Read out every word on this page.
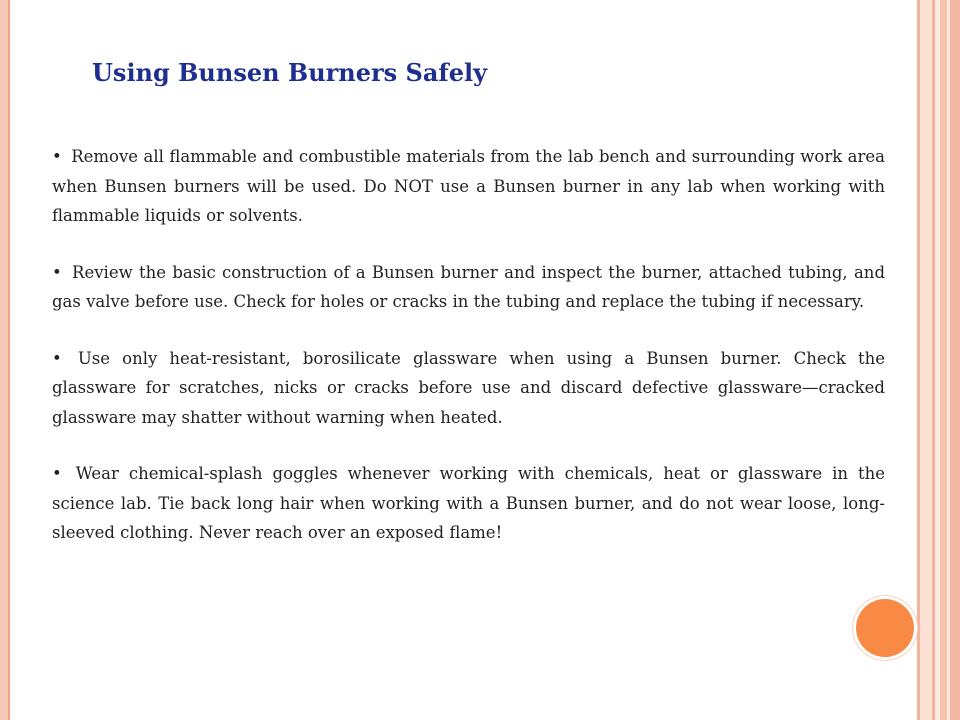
Using Bunsen Burners Safely

• Remove all flammable and combustible materials from the lab bench and surrounding work area when Bunsen burners will be used. Do NOT use a Bunsen burner in any lab when working with flammable liquids or solvents.

• Review the basic construction of a Bunsen burner and inspect the burner, attached tubing, and gas valve before use. Check for holes or cracks in the tubing and replace the tubing if necessary.

• Use only heat-resistant, borosilicate glassware when using a Bunsen burner. Check the glassware for scratches, nicks or cracks before use and discard defective glassware—cracked glassware may shatter without warning when heated.

• Wear chemical-splash goggles whenever working with chemicals, heat or glassware in the science lab. Tie back long hair when working with a Bunsen burner, and do not wear loose, long-sleeved clothing. Never reach over an exposed flame!
